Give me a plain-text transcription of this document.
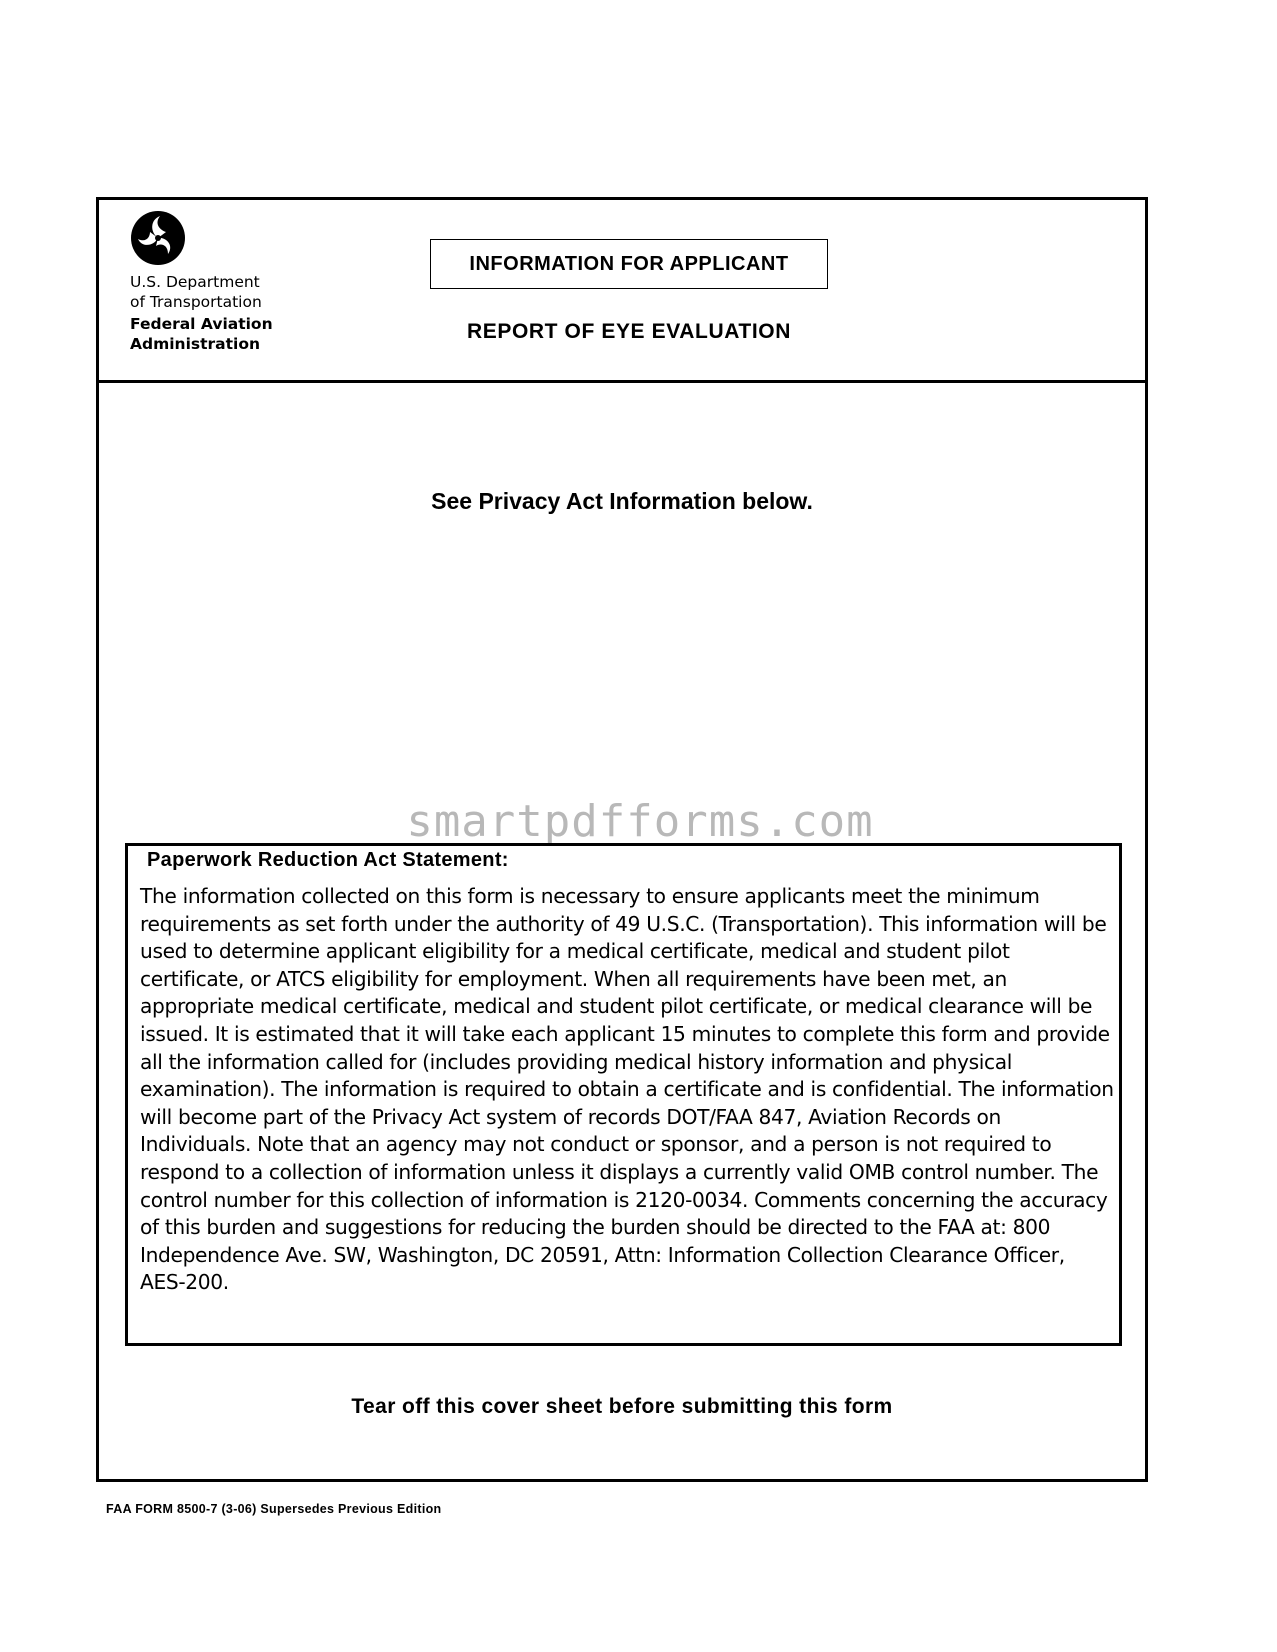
U.S. Department
of Transportation
Federal Aviation
Administration
INFORMATION FOR APPLICANT
REPORT OF EYE EVALUATION
See Privacy Act Information below.
smartpdfforms.com
Paperwork Reduction Act Statement:
The information collected on this form is necessary to ensure applicants meet the minimum requirements as set forth under the authority of 49 U.S.C. (Transportation). This information will be used to determine applicant eligibility for a medical certificate, medical and student pilot certificate, or ATCS eligibility for employment. When all requirements have been met, an appropriate medical certificate, medical and student pilot certificate, or medical clearance will be issued. It is estimated that it will take each applicant 15 minutes to complete this form and provide all the information called for (includes providing medical history information and physical examination). The information is required to obtain a certificate and is confidential. The information will become part of the Privacy Act system of records DOT/FAA 847, Aviation Records on Individuals. Note that an agency may not conduct or sponsor, and a person is not required to respond to a collection of information unless it displays a currently valid OMB control number. The control number for this collection of information is 2120-0034. Comments concerning the accuracy of this burden and suggestions for reducing the burden should be directed to the FAA at: 800 Independence Ave. SW, Washington, DC 20591, Attn: Information Collection Clearance Officer, AES-200.
Tear off this cover sheet before submitting this form
FAA FORM 8500-7 (3-06) Supersedes Previous Edition
